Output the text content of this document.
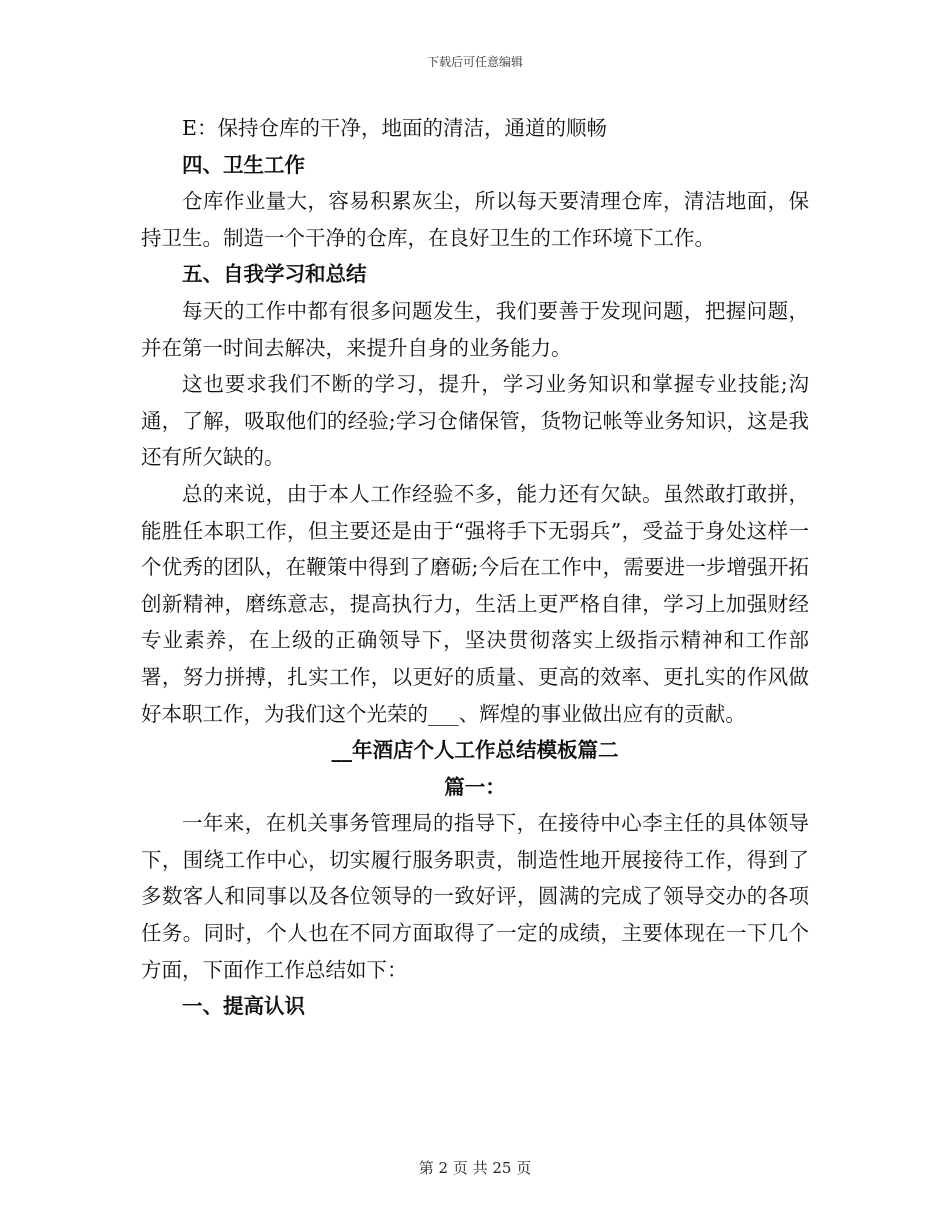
下载后可任意编辑

E：保持仓库的干净，地面的清洁，通道的顺畅

四、卫生工作

仓库作业量大，容易积累灰尘，所以每天要清理仓库，清洁地面，保持卫生。制造一个干净的仓库，在良好卫生的工作环境下工作。

五、自我学习和总结

每天的工作中都有很多问题发生，我们要善于发现问题，把握问题，并在第一时间去解决，来提升自身的业务能力。

这也要求我们不断的学习，提升，学习业务知识和掌握专业技能;沟通，了解，吸取他们的经验;学习仓储保管，货物记帐等业务知识，这是我还有所欠缺的。

总的来说，由于本人工作经验不多，能力还有欠缺。虽然敢打敢拼，能胜任本职工作，但主要还是由于“强将手下无弱兵”，受益于身处这样一个优秀的团队，在鞭策中得到了磨砺;今后在工作中，需要进一步增强开拓创新精神，磨练意志，提高执行力，生活上更严格自律，学习上加强财经专业素养，在上级的正确领导下，坚决贯彻落实上级指示精神和工作部署，努力拼搏，扎实工作，以更好的质量、更高的效率、更扎实的作风做好本职工作，为我们这个光荣的___、辉煌的事业做出应有的贡献。

__年酒店个人工作总结模板篇二

篇一：

一年来，在机关事务管理局的指导下，在接待中心李主任的具体领导下，围绕工作中心，切实履行服务职责，制造性地开展接待工作，得到了多数客人和同事以及各位领导的一致好评，圆满的完成了领导交办的各项任务。同时，个人也在不同方面取得了一定的成绩，主要体现在一下几个方面，下面作工作总结如下：

一、提高认识

第 2 页 共 25 页
